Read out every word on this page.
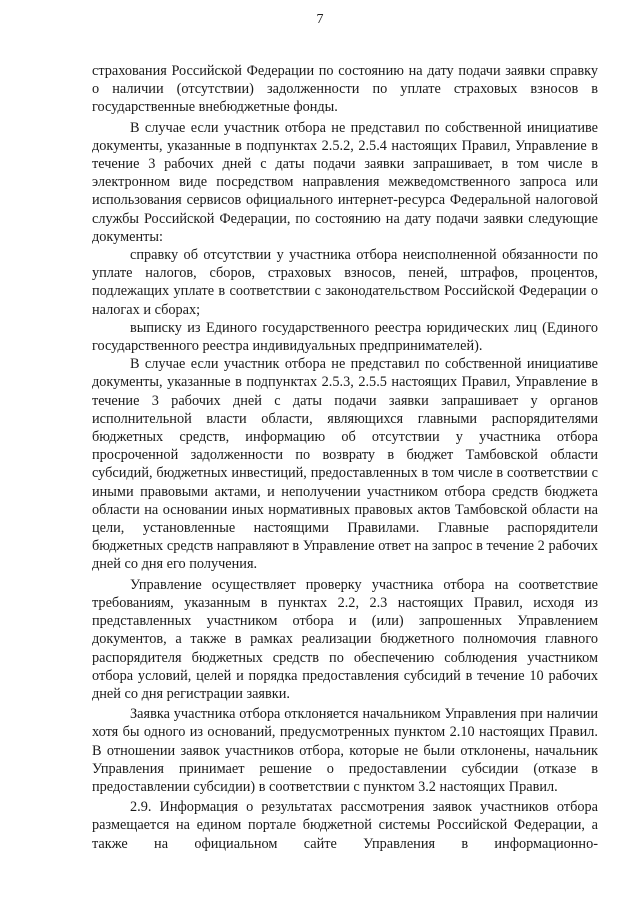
7

страхования Российской Федерации по состоянию на дату подачи заявки справку о наличии (отсутствии) задолженности по уплате страховых взносов в государственные внебюджетные фонды.

В случае если участник отбора не представил по собственной инициативе документы, указанные в подпунктах 2.5.2, 2.5.4 настоящих Правил, Управление в течение 3 рабочих дней с даты подачи заявки запрашивает, в том числе в электронном виде посредством направления межведомственного запроса или использования сервисов официального интернет-ресурса Федеральной налоговой службы Российской Федерации, по состоянию на дату подачи заявки следующие документы:

справку об отсутствии у участника отбора неисполненной обязанности по уплате налогов, сборов, страховых взносов, пеней, штрафов, процентов, подлежащих уплате в соответствии с законодательством Российской Федерации о налогах и сборах;

выписку из Единого государственного реестра юридических лиц (Единого государственного реестра индивидуальных предпринимателей).

В случае если участник отбора не представил по собственной инициативе документы, указанные в подпунктах 2.5.3, 2.5.5 настоящих Правил, Управление в течение 3 рабочих дней с даты подачи заявки запрашивает у органов исполнительной власти области, являющихся главными распорядителями бюджетных средств, информацию об отсутствии у участника отбора просроченной задолженности по возврату в бюджет Тамбовской области субсидий, бюджетных инвестиций, предоставленных в том числе в соответствии с иными правовыми актами, и неполучении участником отбора средств бюджета области на основании иных нормативных правовых актов Тамбовской области на цели, установленные настоящими Правилами. Главные распорядители бюджетных средств направляют в Управление ответ на запрос в течение 2 рабочих дней со дня его получения.

Управление осуществляет проверку участника отбора на соответствие требованиям, указанным в пунктах 2.2, 2.3 настоящих Правил, исходя из представленных участником отбора и (или) запрошенных Управлением документов, а также в рамках реализации бюджетного полномочия главного распорядителя бюджетных средств по обеспечению соблюдения участником отбора условий, целей и порядка предоставления субсидий в течение 10 рабочих дней со дня регистрации заявки.

Заявка участника отбора отклоняется начальником Управления при наличии хотя бы одного из оснований, предусмотренных пунктом 2.10 настоящих Правил. В отношении заявок участников отбора, которые не были отклонены, начальник Управления принимает решение о предоставлении субсидии (отказе в предоставлении субсидии) в соответствии с пунктом 3.2 настоящих Правил.

2.9. Информация о результатах рассмотрения заявок участников отбора размещается на едином портале бюджетной системы Российской Федерации, а также на официальном сайте Управления в информационно-
